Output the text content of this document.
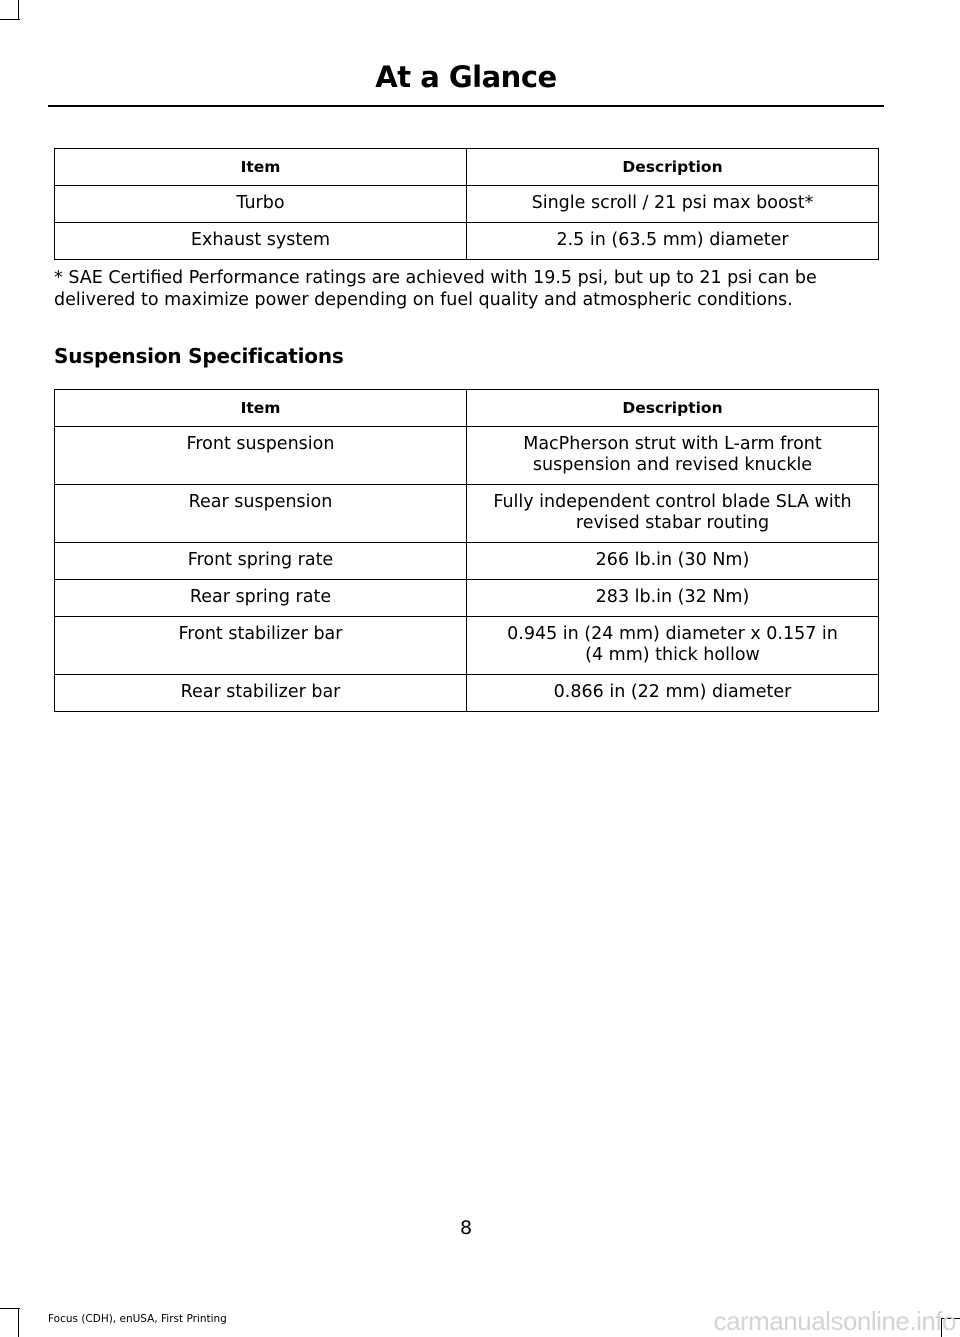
At a Glance
Item	Description
Turbo	Single scroll / 21 psi max boost*
Exhaust system	2.5 in (63.5 mm) diameter
* SAE Certified Performance ratings are achieved with 19.5 psi, but up to 21 psi can be delivered to maximize power depending on fuel quality and atmospheric conditions.
Suspension Specifications
Item	Description
Front suspension	MacPherson strut with L-arm front
suspension and revised knuckle
Rear suspension	Fully independent control blade SLA with
revised stabar routing
Front spring rate	266 lb.in (30 Nm)
Rear spring rate	283 lb.in (32 Nm)
Front stabilizer bar	0.945 in (24 mm) diameter x 0.157 in
(4 mm) thick hollow
Rear stabilizer bar	0.866 in (22 mm) diameter
8
Focus (CDH), enUSA, First Printing	carmanualsonline.info
